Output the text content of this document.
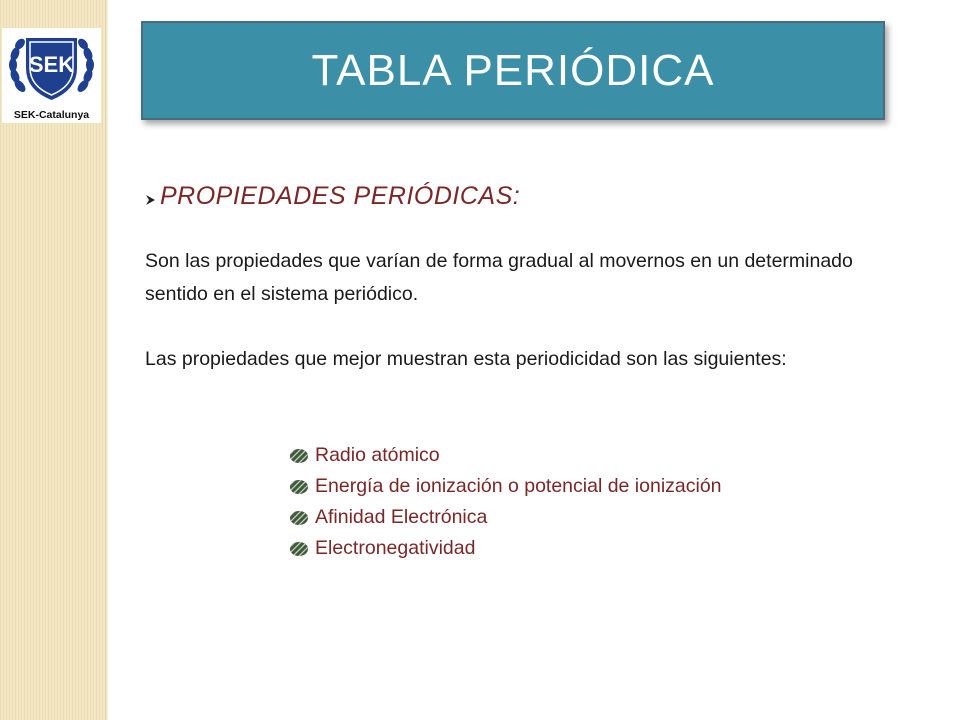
SEK
SEK-Catalunya
TABLA PERIÓDICA
PROPIEDADES PERIÓDICAS:
Son las propiedades que varían de forma gradual al movernos en un determinado sentido en el sistema periódico.
Las propiedades que mejor muestran esta periodicidad son las siguientes:
Radio atómico
Energía de ionización o potencial de ionización
Afinidad Electrónica
Electronegatividad
